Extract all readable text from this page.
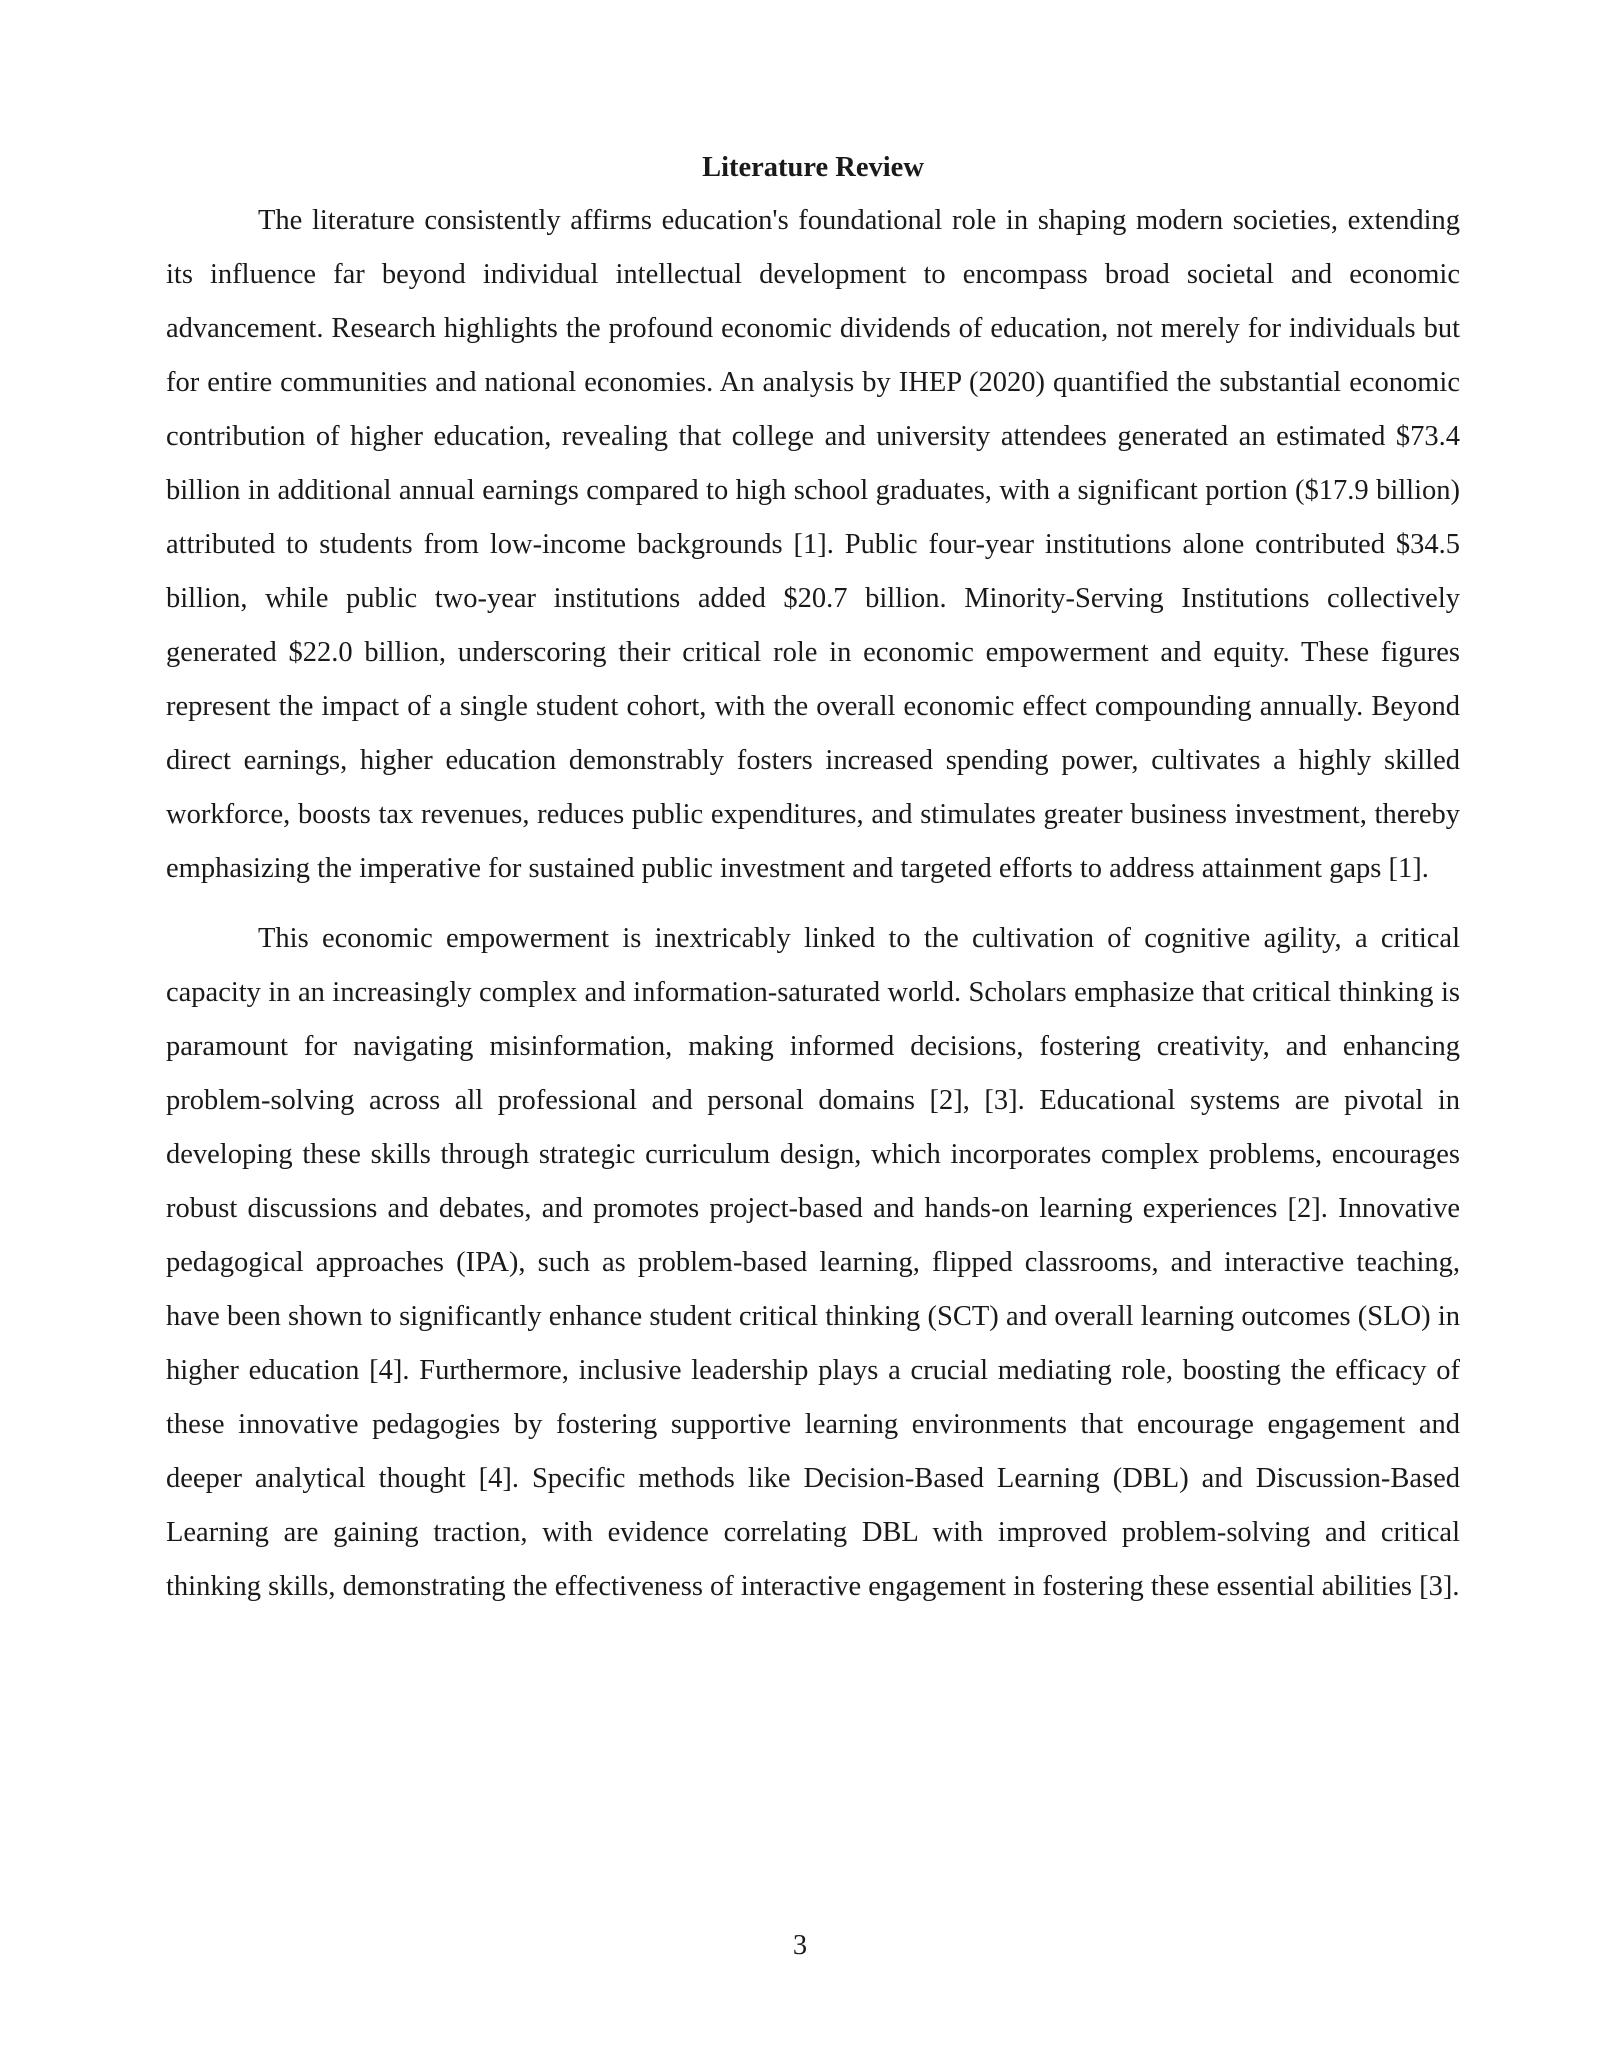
Literature Review

The literature consistently affirms education's foundational role in shaping modern societies, extending its influence far beyond individual intellectual development to encompass broad societal and economic advancement. Research highlights the profound economic dividends of education, not merely for individuals but for entire communities and national economies. An analysis by IHEP (2020) quantified the substantial economic contribution of higher education, revealing that college and university attendees generated an estimated $73.4 billion in additional annual earnings compared to high school graduates, with a significant portion ($17.9 billion) attributed to students from low-income backgrounds [1]. Public four-year institutions alone contributed $34.5 billion, while public two-year institutions added $20.7 billion. Minority-Serving Institutions collectively generated $22.0 billion, underscoring their critical role in economic empowerment and equity. These figures represent the impact of a single student cohort, with the overall economic effect compounding annually. Beyond direct earnings, higher education demonstrably fosters increased spending power, cultivates a highly skilled workforce, boosts tax revenues, reduces public expenditures, and stimulates greater business investment, thereby emphasizing the imperative for sustained public investment and targeted efforts to address attainment gaps [1].

This economic empowerment is inextricably linked to the cultivation of cognitive agility, a critical capacity in an increasingly complex and information-saturated world. Scholars emphasize that critical thinking is paramount for navigating misinformation, making informed decisions, fostering creativity, and enhancing problem-solving across all professional and personal domains [2], [3]. Educational systems are pivotal in developing these skills through strategic curriculum design, which incorporates complex problems, encourages robust discussions and debates, and promotes project-based and hands-on learning experiences [2]. Innovative pedagogical approaches (IPA), such as problem-based learning, flipped classrooms, and interactive teaching, have been shown to significantly enhance student critical thinking (SCT) and overall learning outcomes (SLO) in higher education [4]. Furthermore, inclusive leadership plays a crucial mediating role, boosting the efficacy of these innovative pedagogies by fostering supportive learning environments that encourage engagement and deeper analytical thought [4]. Specific methods like Decision-Based Learning (DBL) and Discussion-Based Learning are gaining traction, with evidence correlating DBL with improved problem-solving and critical thinking skills, demonstrating the effectiveness of interactive engagement in fostering these essential abilities [3].

3
